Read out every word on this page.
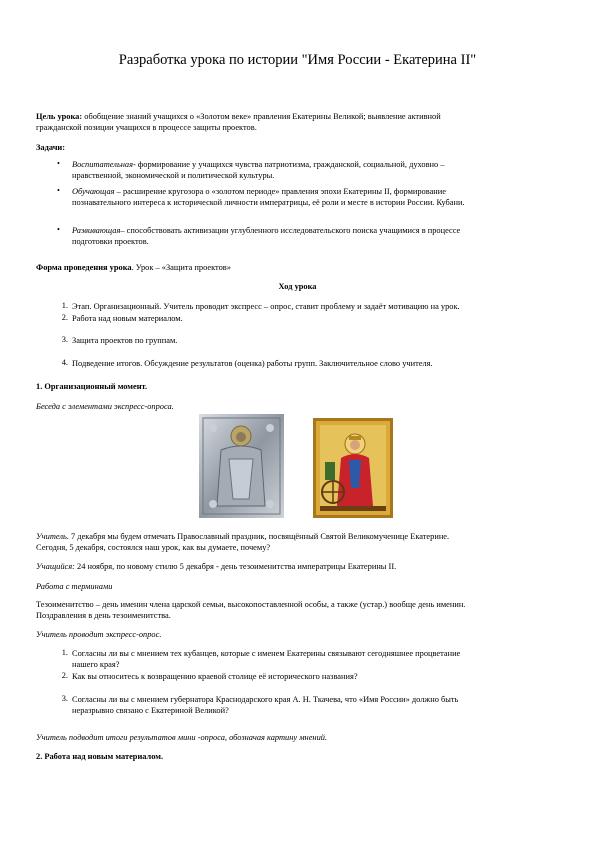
Разработка урока по истории "Имя России - Екатерина II"

Цель урока: обобщение знаний учащихся о «Золотом веке» правления Екатерины Великой; выявление активной

гражданской позиции учащихся в процессе защиты проектов.

Задачи:

• Воспитательная- формирование у учащихся чувства патриотизма, гражданской, социальной, духовно –

нравственной, экономической и политической культуры.

• Обучающая – расширение кругозора о «золотом периоде» правления эпохи Екатерины II, формирование

познавательного интереса к исторической личности императрицы, её роли и месте в истории России. Кубани.

• Развивающая– способствовать активизации углубленного исследовательского поиска учащимися в процессе

подготовки проектов.

Форма проведения урока. Урок – «Защита проектов»

Ход урока
1. Этап. Организационный. Учитель проводит экспресс – опрос, ставит проблему и задаёт мотивацию на урок.

2. Работа над новым материалом.

3. Защита проектов по группам.

4. Подведение итогов. Обсуждение результатов (оценка) работы групп. Заключительное слово учителя.

1. Организационный момент.

Беседа с элементами экспресс-опроса.

Учитель. 7 декабря мы будем отмечать Православный праздник, посвящённый Святой Великомученице Екатерине.

Сегодня, 5 декабря, состоялся наш урок, как вы думаете, почему?

Учащийся: 24 ноября, по новому стилю 5 декабря - день тезоименитства императрицы Екатерины II.

Работа с терминами

Тезоименитство – день именин члена царской семьи, высокопоставленной особы, а также (устар.) вообще день именин.

Поздравления в день тезоименитства.

Учитель проводит экспресс-опрос.

1. Согласны ли вы с мнением тех кубанцев, которые с именем Екатерины связывают сегодняшнее процветание

нашего края?

2. Как вы относитесь к возвращению краевой столице её исторического названия?

3. Согласны ли вы с мнением губернатора Краснодарского края А. Н. Ткачева, что «Имя России» должно быть

неразрывно связано с Екатериной Великой?

Учитель подводит итоги результатов мини -опроса, обозначая картину мнений.

2. Работа над новым материалом.
